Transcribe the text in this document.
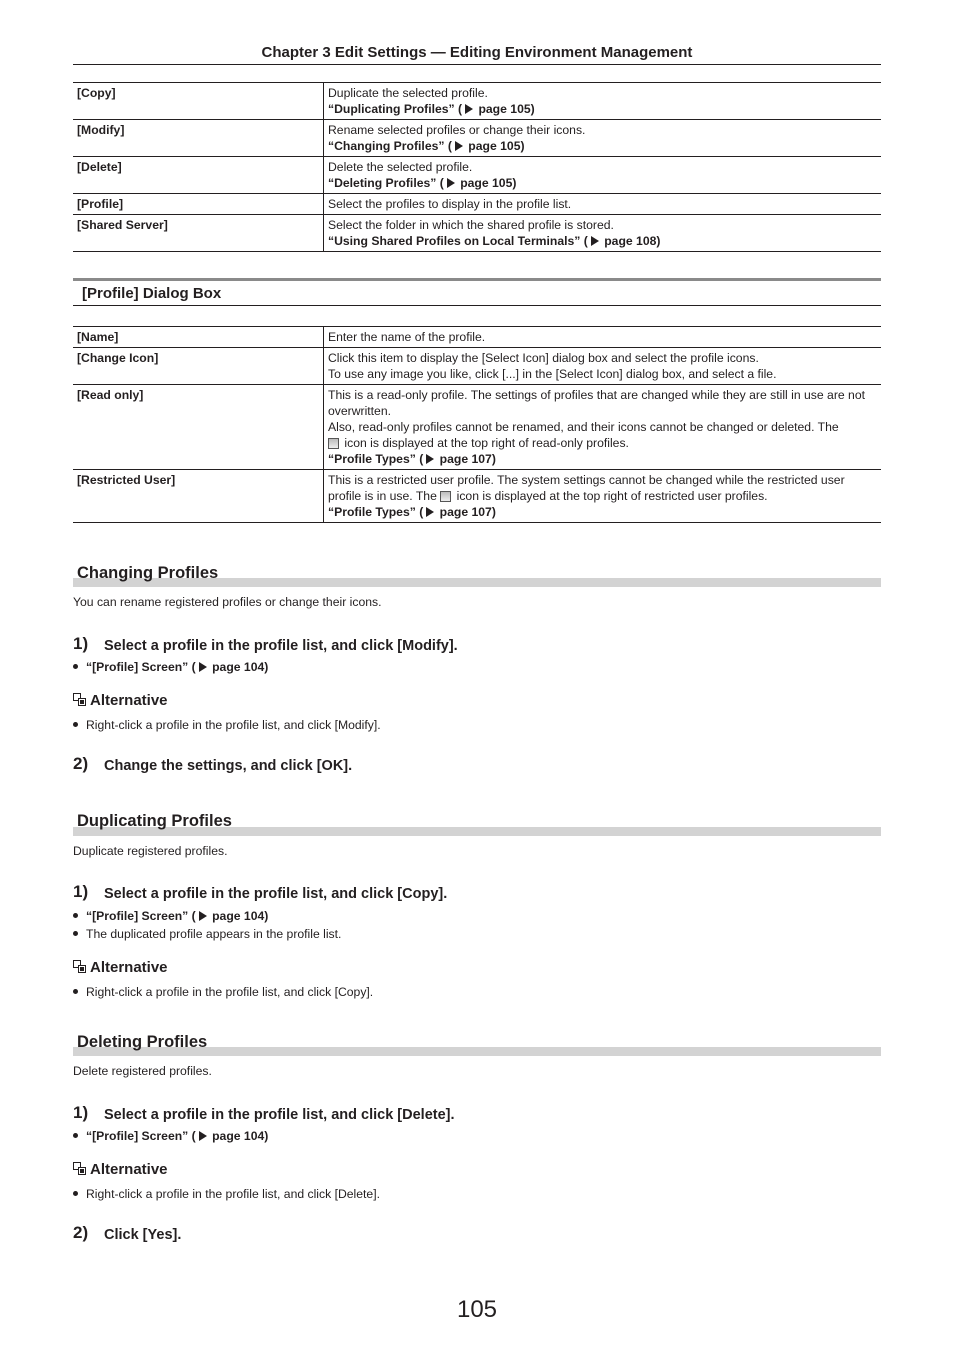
Chapter 3 Edit Settings — Editing Environment Management
[Copy]	Duplicate the selected profile.
“Duplicating Profiles” ( page 105)

[Modify]	Rename selected profiles or change their icons.
“Changing Profiles” ( page 105)

[Delete]	Delete the selected profile.
“Deleting Profiles” ( page 105)

[Profile]	Select the profiles to display in the profile list.

[Shared Server]	Select the folder in which the shared profile is stored.
“Using Shared Profiles on Local Terminals” ( page 108)
[Profile] Dialog Box
[Name]	Enter the name of the profile.

[Change Icon]	Click this item to display the [Select Icon] dialog box and select the profile icons.
To use any image you like, click [...] in the [Select Icon] dialog box, and select a file.

[Read only]	This is a read-only profile. The settings of profiles that are changed while they are still in use are not overwritten.
Also, read-only profiles cannot be renamed, and their icons cannot be changed or deleted. The
icon is displayed at the top right of read-only profiles.
“Profile Types” ( page 107)

[Restricted User]	This is a restricted user profile. The system settings cannot be changed while the restricted user profile is in use. The  icon is displayed at the top right of restricted user profiles.
“Profile Types” ( page 107)
Changing Profiles
You can rename registered profiles or change their icons.
1) Select a profile in the profile list, and click [Modify].
“[Profile] Screen” ( page 104)
Alternative
Right-click a profile in the profile list, and click [Modify].
2) Change the settings, and click [OK].
Duplicating Profiles
Duplicate registered profiles.
1) Select a profile in the profile list, and click [Copy].
“[Profile] Screen” ( page 104)
The duplicated profile appears in the profile list.
Alternative
Right-click a profile in the profile list, and click [Copy].
Deleting Profiles
Delete registered profiles.
1) Select a profile in the profile list, and click [Delete].
“[Profile] Screen” ( page 104)
Alternative
Right-click a profile in the profile list, and click [Delete].
2) Click [Yes].
105
